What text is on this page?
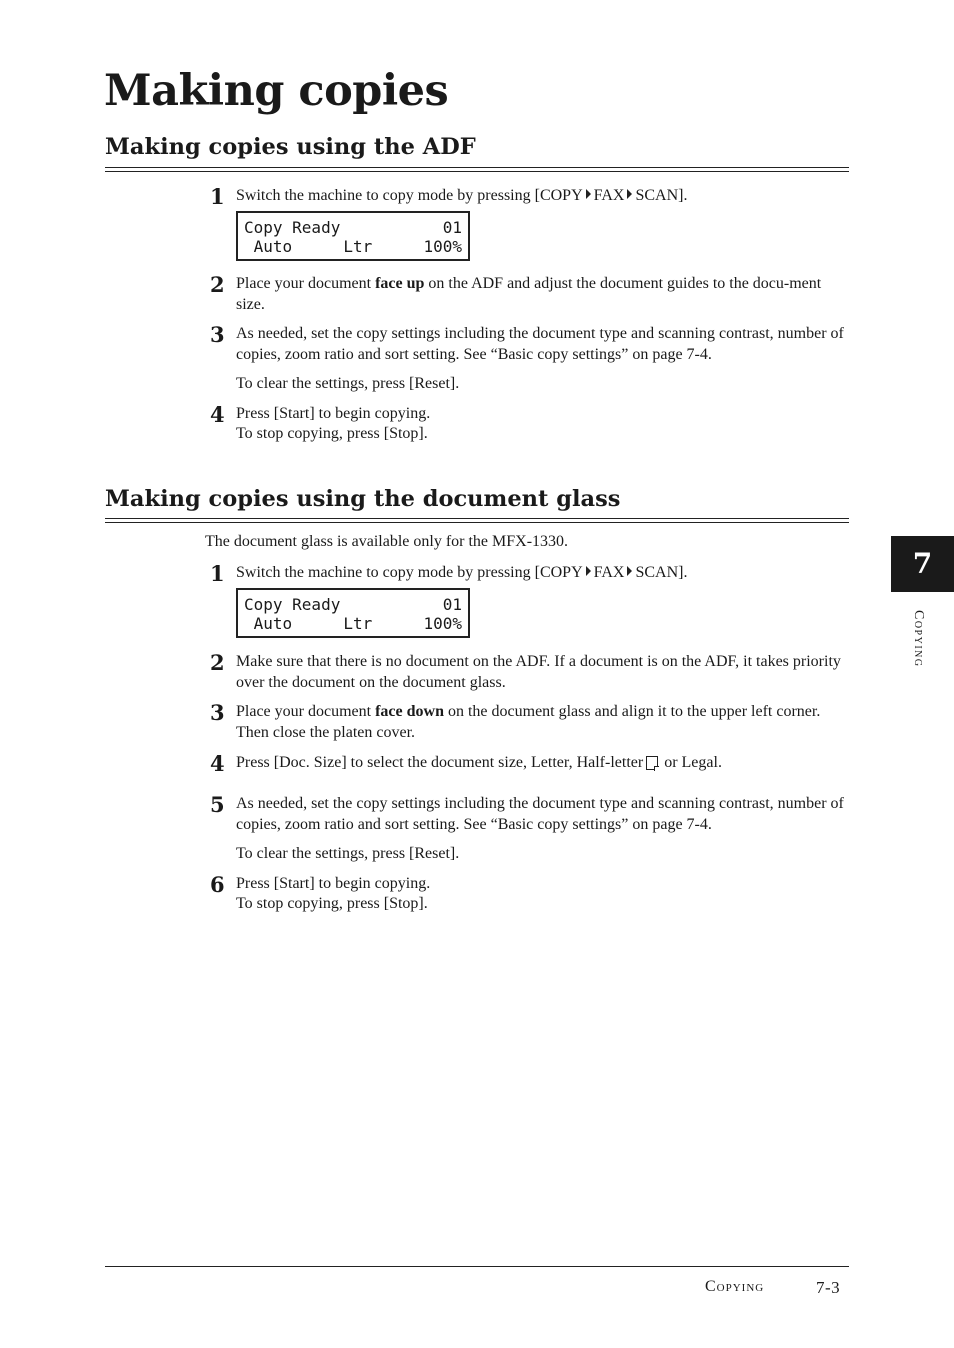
Making copies
Making copies using the ADF
1 Switch the machine to copy mode by pressing [COPY FAX SCAN].
Copy Ready	01
Auto	Ltr	100%
2 Place your document face up on the ADF and adjust the document guides to the docu-ment size.
3 As needed, set the copy settings including the document type and scanning contrast, number of copies, zoom ratio and sort setting. See “Basic copy settings” on page 7-4.
To clear the settings, press [Reset].
4 Press [Start] to begin copying.
To stop copying, press [Stop].
Making copies using the document glass
The document glass is available only for the MFX-1330.
1 Switch the machine to copy mode by pressing [COPY FAX SCAN].
Copy Ready	01
Auto	Ltr	100%
2 Make sure that there is no document on the ADF. If a document is on the ADF, it takes priority over the document on the document glass.
3 Place your document face down on the document glass and align it to the upper left corner. Then close the platen cover.
4 Press [Doc. Size] to select the document size, Letter, Half-letter or Legal.
5 As needed, set the copy settings including the document type and scanning contrast, number of copies, zoom ratio and sort setting. See “Basic copy settings” on page 7-4.
To clear the settings, press [Reset].
6 Press [Start] to begin copying.
To stop copying, press [Stop].
7
Copying
Copying	7-3
